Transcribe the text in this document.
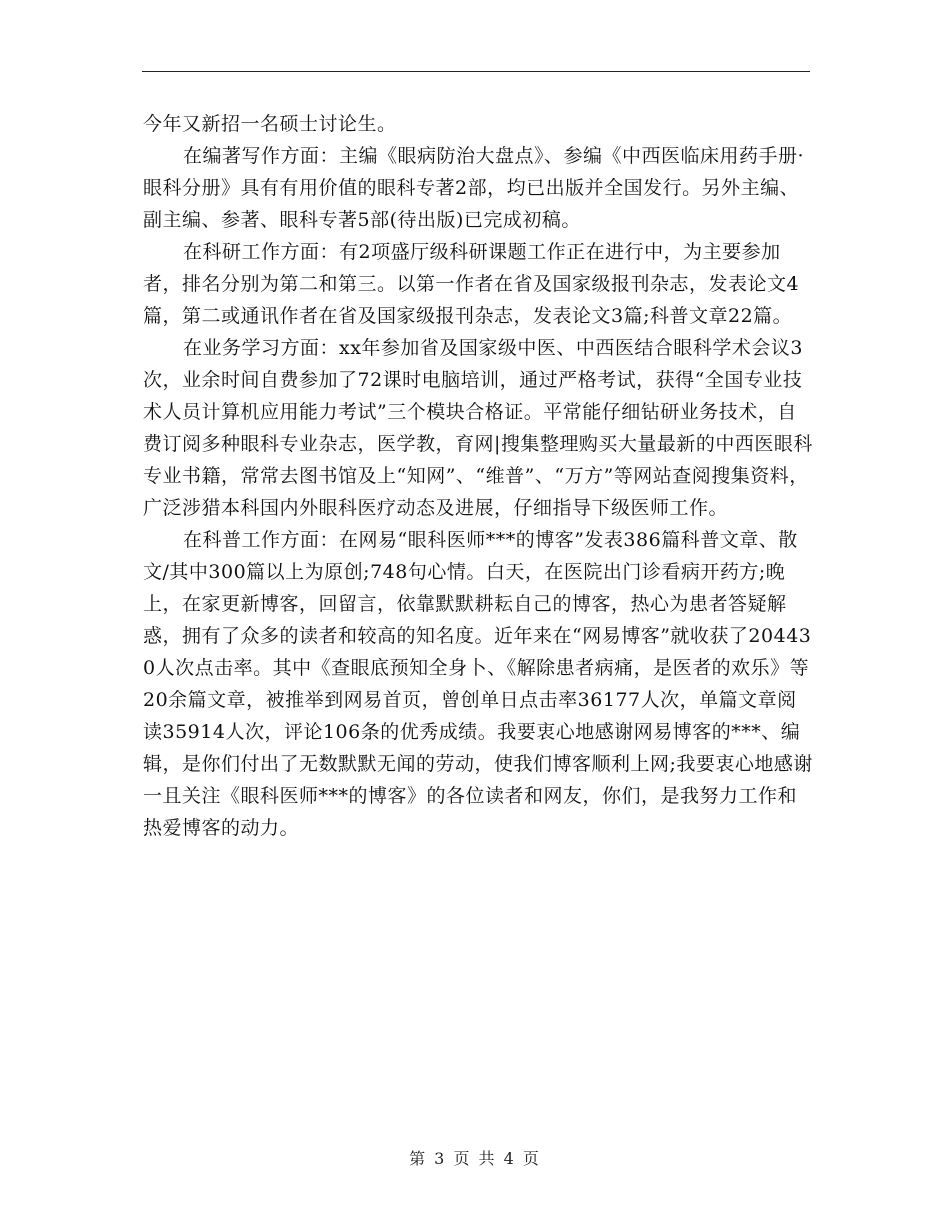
今年又新招一名硕士讨论生。

在编著写作方面：主编《眼病防治大盘点》、参编《中西医临床用药手册·眼科分册》具有有用价值的眼科专著2部，均已出版并全国发行。另外主编、副主编、参著、眼科专著5部(待出版)已完成初稿。

在科研工作方面：有2项盛厅级科研课题工作正在进行中，为主要参加者，排名分别为第二和第三。以第一作者在省及国家级报刊杂志，发表论文4篇，第二或通讯作者在省及国家级报刊杂志，发表论文3篇;科普文章22篇。

在业务学习方面：xx年参加省及国家级中医、中西医结合眼科学术会议3次，业余时间自费参加了72课时电脑培训，通过严格考试，获得“全国专业技术人员计算机应用能力考试”三个模块合格证。平常能仔细钻研业务技术，自费订阅多种眼科专业杂志，医学教，育网|搜集整理购买大量最新的中西医眼科专业书籍，常常去图书馆及上“知网”、“维普”、“万方”等网站查阅搜集资料，广泛涉猎本科国内外眼科医疗动态及进展，仔细指导下级医师工作。

在科普工作方面：在网易“眼科医师***的博客”发表386篇科普文章、散文/其中300篇以上为原创;748句心情。白天，在医院出门诊看病开药方;晚上，在家更新博客，回留言，依靠默默耕耘自己的博客，热心为患者答疑解惑，拥有了众多的读者和较高的知名度。近年来在“网易博客”就收获了204430人次点击率。其中《查眼底预知全身卜、《解除患者病痛，是医者的欢乐》等20余篇文章，被推举到网易首页，曾创单日点击率36177人次，单篇文章阅读35914人次，评论106条的优秀成绩。我要衷心地感谢网易博客的***、编辑，是你们付出了无数默默无闻的劳动，使我们博客顺利上网;我要衷心地感谢一且关注《眼科医师***的博客》的各位读者和网友，你们，是我努力工作和热爱博客的动力。

第 3 页 共 4 页
